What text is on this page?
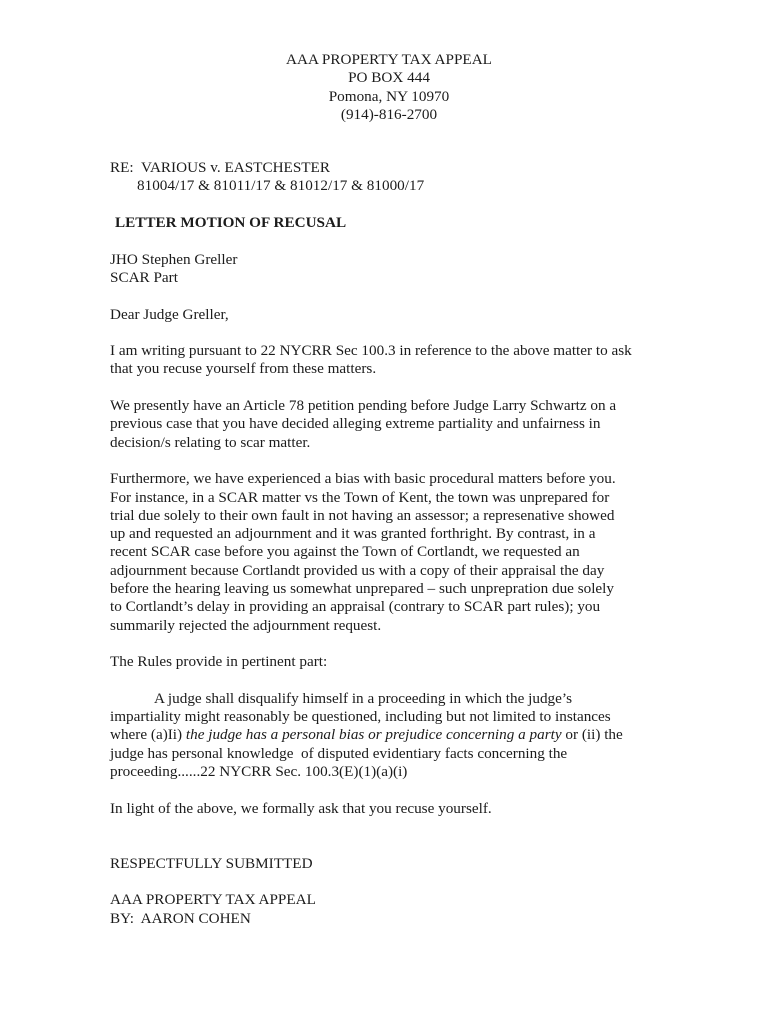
AAA PROPERTY TAX APPEAL
PO BOX 444
Pomona, NY 10970
(914)-816-2700
RE:  VARIOUS v. EASTCHESTER
81004/17 & 81011/17 & 81012/17 & 81000/17
LETTER MOTION OF RECUSAL
JHO Stephen Greller
SCAR Part
Dear Judge Greller,
I am writing pursuant to 22 NYCRR Sec 100.3 in reference to the above matter to ask
that you recuse yourself from these matters.
We presently have an Article 78 petition pending before Judge Larry Schwartz on a
previous case that you have decided alleging extreme partiality and unfairness in
decision/s relating to scar matter.
Furthermore, we have experienced a bias with basic procedural matters before you.
For instance, in a SCAR matter vs the Town of Kent, the town was unprepared for
trial due solely to their own fault in not having an assessor; a represenative showed
up and requested an adjournment and it was granted forthright. By contrast, in a
recent SCAR case before you against the Town of Cortlandt, we requested an
adjournment because Cortlandt provided us with a copy of their appraisal the day
before the hearing leaving us somewhat unprepared – such unprepration due solely
to Cortlandt’s delay in providing an appraisal (contrary to SCAR part rules); you
summarily rejected the adjournment request.
The Rules provide in pertinent part:
A judge shall disqualify himself in a proceeding in which the judge’s
impartiality might reasonably be questioned, including but not limited to instances
where (a)Ii) the judge has a personal bias or prejudice concerning a party or (ii) the
judge has personal knowledge  of disputed evidentiary facts concerning the
proceeding......22 NYCRR Sec. 100.3(E)(1)(a)(i)
In light of the above, we formally ask that you recuse yourself.
RESPECTFULLY SUBMITTED
AAA PROPERTY TAX APPEAL
BY:  AARON COHEN
